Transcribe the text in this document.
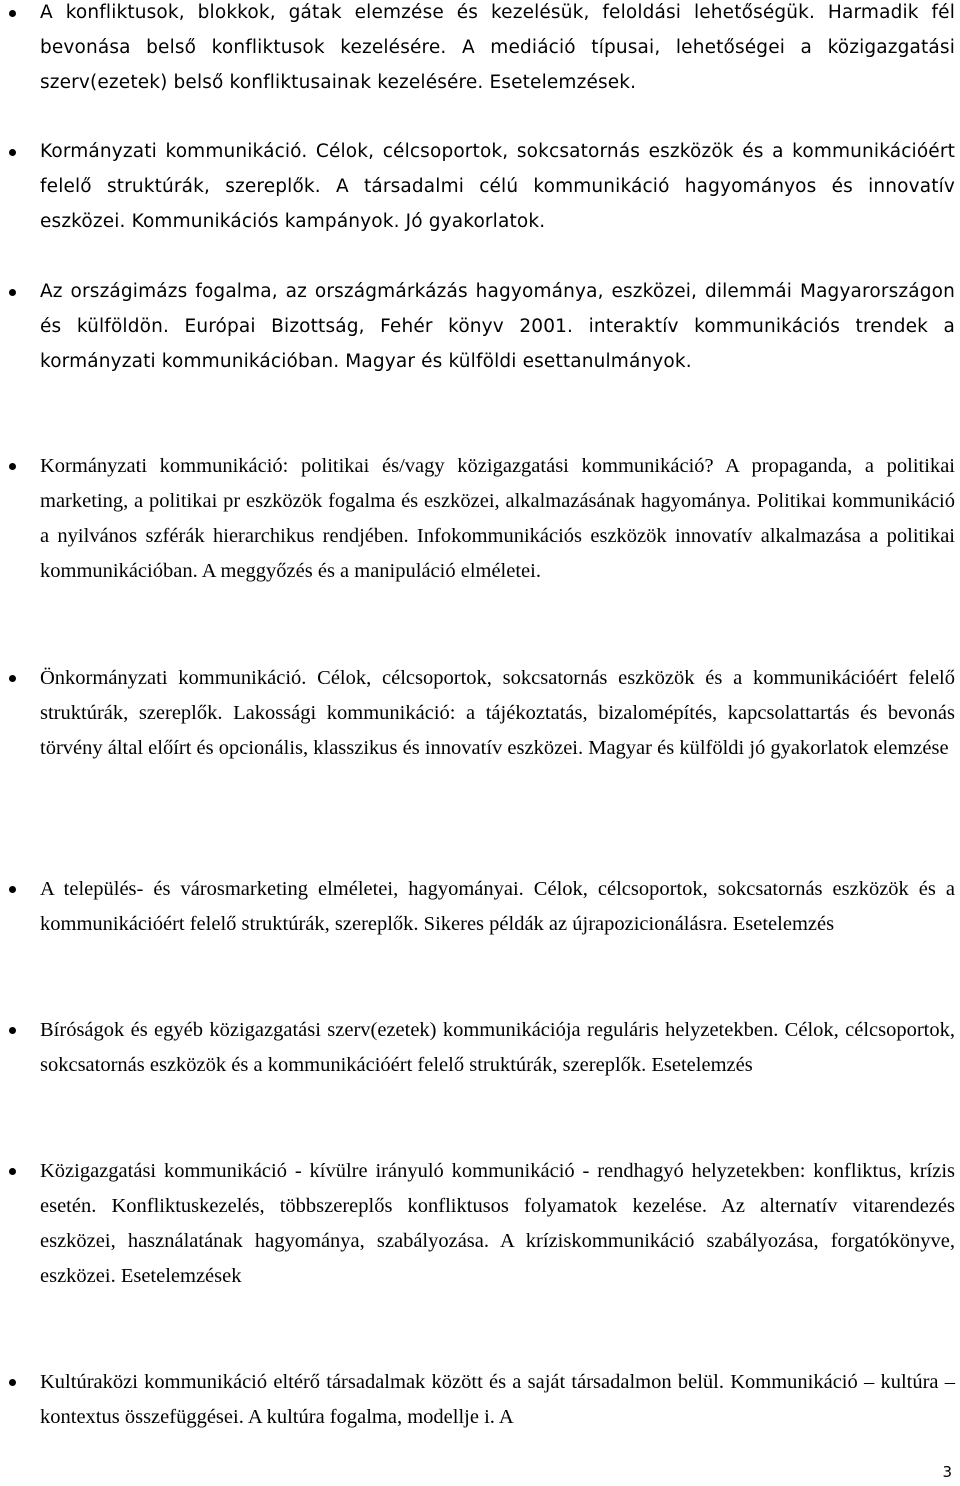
A konfliktusok, blokkok, gátak elemzése és kezelésük, feloldási lehetőségük. Harmadik fél bevonása belső konfliktusok kezelésére. A mediáció típusai, lehetőségei a közigazgatási szerv(ezetek) belső konfliktusainak kezelésére. Esetelemzések.

Kormányzati kommunikáció. Célok, célcsoportok, sokcsatornás eszközök és a kommunikációért felelő struktúrák, szereplők. A társadalmi célú kommunikáció hagyományos és innovatív eszközei. Kommunikációs kampányok. Jó gyakorlatok.

Az országimázs fogalma, az országmárkázás hagyománya, eszközei, dilemmái Magyarországon és külföldön. Európai Bizottság, Fehér könyv 2001. interaktív kommunikációs trendek a kormányzati kommunikációban. Magyar és külföldi esettanulmányok.

Kormányzati kommunikáció: politikai és/vagy közigazgatási kommunikáció? A propaganda, a politikai marketing, a politikai pr eszközök fogalma és eszközei, alkalmazásának hagyománya. Politikai kommunikáció a nyilvános szférák hierarchikus rendjében. Infokommunikációs eszközök innovatív alkalmazása a politikai kommunikációban. A meggyőzés és a manipuláció elméletei.

Önkormányzati kommunikáció. Célok, célcsoportok, sokcsatornás eszközök és a kommunikációért felelő struktúrák, szereplők. Lakossági kommunikáció: a tájékoztatás, bizalomépítés, kapcsolattartás és bevonás törvény által előírt és opcionális, klasszikus és innovatív eszközei. Magyar és külföldi jó gyakorlatok elemzése

A település- és városmarketing elméletei, hagyományai. Célok, célcsoportok, sokcsatornás eszközök és a kommunikációért felelő struktúrák, szereplők. Sikeres példák az újrapozicionálásra. Esetelemzés

Bíróságok és egyéb közigazgatási szerv(ezetek) kommunikációja reguláris helyzetekben. Célok, célcsoportok, sokcsatornás eszközök és a kommunikációért felelő struktúrák, szereplők. Esetelemzés

Közigazgatási kommunikáció - kívülre irányuló kommunikáció - rendhagyó helyzetekben: konfliktus, krízis esetén. Konfliktuskezelés, többszereplős konfliktusos folyamatok kezelése. Az alternatív vitarendezés eszközei, használatának hagyománya, szabályozása. A kríziskommunikáció szabályozása, forgatókönyve, eszközei. Esetelemzések

Kultúraközi kommunikáció eltérő társadalmak között és a saját társadalmon belül. Kommunikáció – kultúra – kontextus összefüggései. A kultúra fogalma, modellje i. A

3
